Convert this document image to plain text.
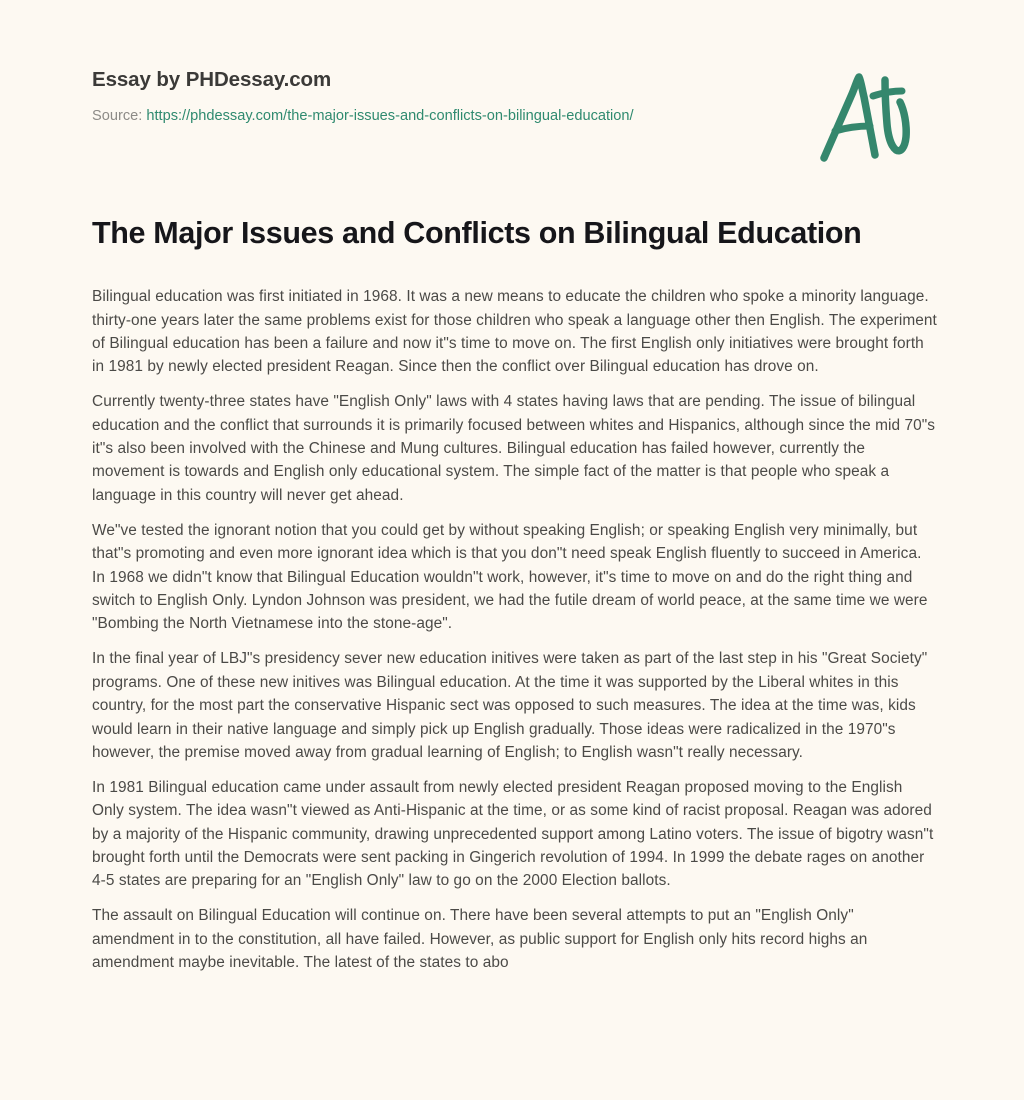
Essay by PHDessay.com
Source: https://phdessay.com/the-major-issues-and-conflicts-on-bilingual-education/
The Major Issues and Conflicts on Bilingual Education

Bilingual education was first initiated in 1968. It was a new means to educate the children who spoke a minority language. thirty-one years later the same problems exist for those children who speak a language other then English. The experiment of Bilingual education has been a failure and now it"s time to move on. The first English only initiatives were brought forth in 1981 by newly elected president Reagan. Since then the conflict over Bilingual education has drove on.

Currently twenty-three states have "English Only" laws with 4 states having laws that are pending. The issue of bilingual education and the conflict that surrounds it is primarily focused between whites and Hispanics, although since the mid 70"s it"s also been involved with the Chinese and Mung cultures. Bilingual education has failed however, currently the movement is towards and English only educational system. The simple fact of the matter is that people who speak a language in this country will never get ahead.

We"ve tested the ignorant notion that you could get by without speaking English; or speaking English very minimally, but that"s promoting and even more ignorant idea which is that you don"t need speak English fluently to succeed in America. In 1968 we didn"t know that Bilingual Education wouldn"t work, however, it"s time to move on and do the right thing and switch to English Only. Lyndon Johnson was president, we had the futile dream of world peace, at the same time we were "Bombing the North Vietnamese into the stone-age".

In the final year of LBJ"s presidency sever new education initives were taken as part of the last step in his "Great Society" programs. One of these new initives was Bilingual education. At the time it was supported by the Liberal whites in this country, for the most part the conservative Hispanic sect was opposed to such measures. The idea at the time was, kids would learn in their native language and simply pick up English gradually. Those ideas were radicalized in the 1970"s however, the premise moved away from gradual learning of English; to English wasn"t really necessary.

In 1981 Bilingual education came under assault from newly elected president Reagan proposed moving to the English Only system. The idea wasn"t viewed as Anti-Hispanic at the time, or as some kind of racist proposal. Reagan was adored by a majority of the Hispanic community, drawing unprecedented support among Latino voters. The issue of bigotry wasn"t brought forth until the Democrats were sent packing in Gingerich revolution of 1994. In 1999 the debate rages on another 4-5 states are preparing for an "English Only" law to go on the 2000 Election ballots.

The assault on Bilingual Education will continue on. There have been several attempts to put an "English Only" amendment in to the constitution, all have failed. However, as public support for English only hits record highs an amendment maybe inevitable. The latest of the states to abo
